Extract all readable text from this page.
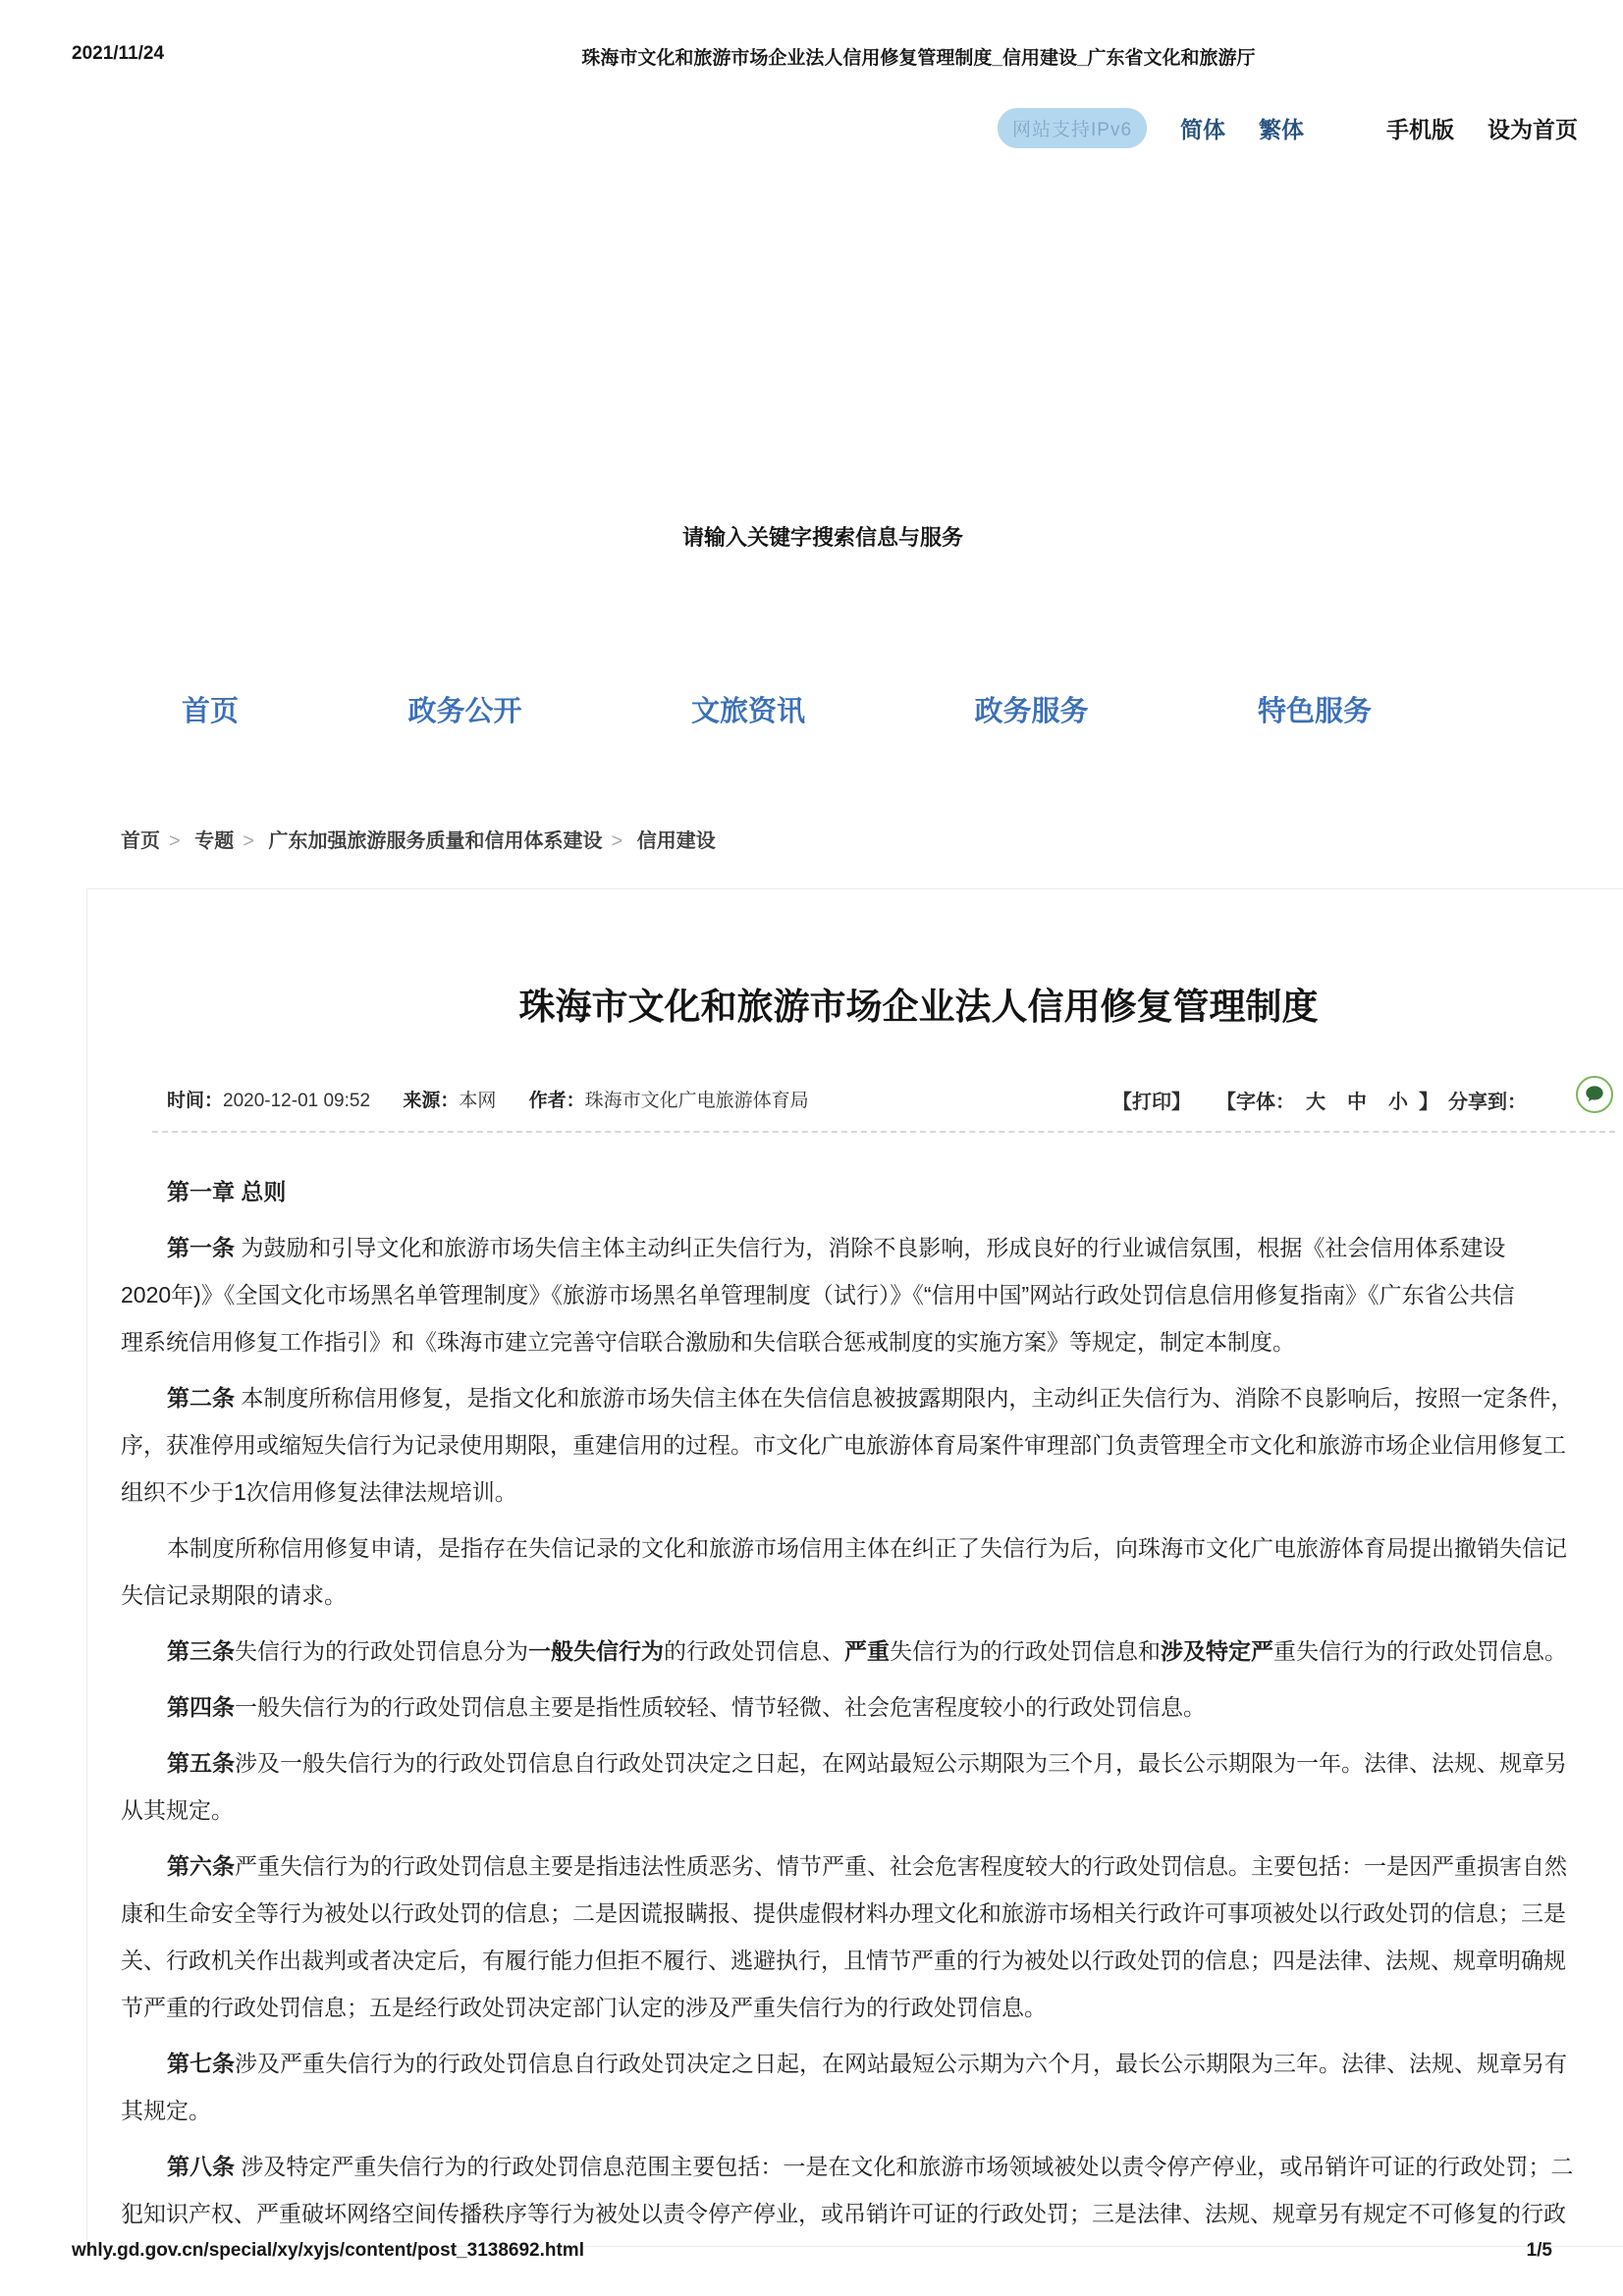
2021/11/24	珠海市文化和旅游市场企业法人信用修复管理制度_信用建设_广东省文化和旅游厅
网站支持IPv6	简体 繁体	手机版 设为首页
请输入关键字搜索信息与服务
首页	政务公开	文旅资讯	政务服务	特色服务
首页 > 专题 > 广东加强旅游服务质量和信用体系建设 > 信用建设
珠海市文化和旅游市场企业法人信用修复管理制度
时间：2020-12-01 09:52 来源：本网 作者：珠海市文化广电旅游体育局	【打印】 【字体： 大 中 小 】 分享到：
第一章 总则
第一条 为鼓励和引导文化和旅游市场失信主体主动纠正失信行为，消除不良影响，形成良好的行业诚信氛围，根据《社会信用体系建设
2020年)》《全国文化市场黑名单管理制度》《旅游市场黑名单管理制度（试行）》《“信用中国”网站行政处罚信息信用修复指南》《广东省公共信
理系统信用修复工作指引》和《珠海市建立完善守信联合激励和失信联合惩戒制度的实施方案》等规定，制定本制度。
第二条 本制度所称信用修复，是指文化和旅游市场失信主体在失信信息被披露期限内，主动纠正失信行为、消除不良影响后，按照一定条件，
序，获准停用或缩短失信行为记录使用期限，重建信用的过程。市文化广电旅游体育局案件审理部门负责管理全市文化和旅游市场企业信用修复工
组织不少于1次信用修复法律法规培训。
本制度所称信用修复申请，是指存在失信记录的文化和旅游市场信用主体在纠正了失信行为后，向珠海市文化广电旅游体育局提出撤销失信记
失信记录期限的请求。
第三条失信行为的行政处罚信息分为一般失信行为的行政处罚信息、严重失信行为的行政处罚信息和涉及特定严重失信行为的行政处罚信息。
第四条一般失信行为的行政处罚信息主要是指性质较轻、情节轻微、社会危害程度较小的行政处罚信息。
第五条涉及一般失信行为的行政处罚信息自行政处罚决定之日起，在网站最短公示期限为三个月，最长公示期限为一年。法律、法规、规章另
从其规定。
第六条严重失信行为的行政处罚信息主要是指违法性质恶劣、情节严重、社会危害程度较大的行政处罚信息。主要包括：一是因严重损害自然
康和生命安全等行为被处以行政处罚的信息；二是因谎报瞒报、提供虚假材料办理文化和旅游市场相关行政许可事项被处以行政处罚的信息；三是
关、行政机关作出裁判或者决定后，有履行能力但拒不履行、逃避执行，且情节严重的行为被处以行政处罚的信息；四是法律、法规、规章明确规
节严重的行政处罚信息；五是经行政处罚决定部门认定的涉及严重失信行为的行政处罚信息。
第七条涉及严重失信行为的行政处罚信息自行政处罚决定之日起，在网站最短公示期为六个月，最长公示期限为三年。法律、法规、规章另有
其规定。
第八条 涉及特定严重失信行为的行政处罚信息范围主要包括：一是在文化和旅游市场领域被处以责令停产停业，或吊销许可证的行政处罚；二
犯知识产权、严重破坏网络空间传播秩序等行为被处以责令停产停业，或吊销许可证的行政处罚；三是法律、法规、规章另有规定不可修复的行政
whly.gd.gov.cn/special/xy/xyjs/content/post_3138692.html	1/5
